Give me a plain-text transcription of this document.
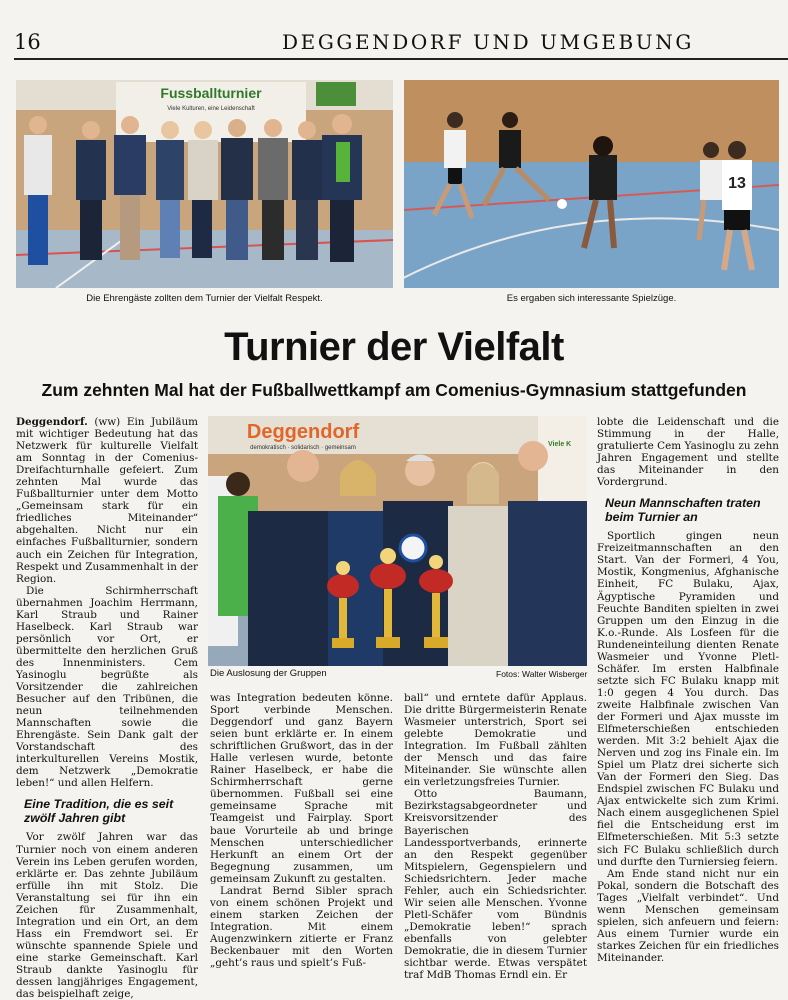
16	DEGGENDORF UND UMGEBUNG
Fussballturnier
Viele Kulturen, eine Leidenschaft
Die Ehrengäste zollten dem Turnier der Vielfalt Respekt.
13
Es ergaben sich interessante Spielzüge.
Turnier der Vielfalt
Zum zehnten Mal hat der Fußballwettkampf am Comenius-Gymnasium stattgefunden

Deggendorf. (ww) Ein Jubiläum mit wichtiger Bedeutung hat das Netzwerk für kulturelle Vielfalt am Sonntag in der Comenius-Dreifachturnhalle gefeiert. Zum zehnten Mal wurde das Fußballturnier unter dem Motto „Gemeinsam stark für ein friedliches Miteinander“ abgehalten. Nicht nur ein einfaches Fußballturnier, sondern auch ein Zeichen für Integration, Respekt und Zusammenhalt in der Region.

Die Schirmherrschaft übernahmen Joachim Herrmann, Karl Straub und Rainer Haselbeck. Karl Straub war persönlich vor Ort, er übermittelte den herzlichen Gruß des Innenministers. Cem Yasinoglu begrüßte als Vorsitzender die zahlreichen Besucher auf den Tribünen, die neun teilnehmenden Mannschaften sowie die Ehrengäste. Sein Dank galt der Vorstandschaft des interkulturellen Vereins Mostik, dem Netzwerk „Demokratie leben!“ und allen Helfern.

Eine Tradition, die es seit zwölf Jahren gibt

Vor zwölf Jahren war das Turnier noch von einem anderen Verein ins Leben gerufen worden, erklärte er. Das zehnte Jubiläum erfülle ihn mit Stolz. Die Veranstaltung sei für ihn ein Zeichen für Zusammenhalt, Integration und ein Ort, an dem Hass ein Fremdwort sei. Er wünschte spannende Spiele und eine starke Gemeinschaft. Karl Straub dankte Yasinoglu für dessen langjähriges Engagement, das beispielhaft zeige,

Deggendorf
demokratisch · solidarisch · gemeinsam	Viele K
Die Auslosung der Gruppen	Fotos: Walter Wisberger

was Integration bedeuten könne. Sport verbinde Menschen. Deggendorf und ganz Bayern seien bunt erklärte er. In einem schriftlichen Grußwort, das in der Halle verlesen wurde, betonte Rainer Haselbeck, er habe die Schirmherrschaft gerne übernommen. Fußball sei eine gemeinsame Sprache mit Teamgeist und Fairplay. Sport baue Vorurteile ab und bringe Menschen unterschiedlicher Herkunft an einem Ort der Begegnung zusammen, um gemeinsam Zukunft zu gestalten.

Landrat Bernd Sibler sprach von einem schönen Projekt und einem starken Zeichen der Integration. Mit einem Augenzwinkern zitierte er Franz Beckenbauer mit den Worten „geht’s raus und spielt’s Fuß-

ball“ und erntete dafür Applaus. Die dritte Bürgermeisterin Renate Wasmeier unterstrich, Sport sei gelebte Demokratie und Integration. Im Fußball zählten der Mensch und das faire Miteinander. Sie wünschte allen ein verletzungsfreies Turnier.

Otto Baumann, Bezirkstagsabgeordneter und Kreisvorsitzender des Bayerischen Landessportverbands, erinnerte an den Respekt gegenüber Mitspielern, Gegenspielern und Schiedsrichtern. Jeder mache Fehler, auch ein Schiedsrichter. Wir seien alle Menschen. Yvonne Pletl-Schäfer vom Bündnis „Demokratie leben!“ sprach ebenfalls von gelebter Demokratie, die in diesem Turnier sichtbar werde. Etwas verspätet traf MdB Thomas Erndl ein. Er

lobte die Leidenschaft und die Stimmung in der Halle, gratulierte Cem Yasinoglu zu zehn Jahren Engagement und stellte das Miteinander in den Vordergrund.

Neun Mannschaften traten beim Turnier an

Sportlich gingen neun Freizeitmannschaften an den Start. Van der Formeri, 4 You, Mostik, Kongmenius, Afghanische Einheit, FC Bulaku, Ajax, Ägyptische Pyramiden und Feuchte Banditen spielten in zwei Gruppen um den Einzug in die K.o.-Runde. Als Losfeen für die Rundeneinteilung dienten Renate Wasmeier und Yvonne Pletl-Schäfer. Im ersten Halbfinale setzte sich FC Bulaku knapp mit 1:0 gegen 4 You durch. Das zweite Halbfinale zwischen Van der Formeri und Ajax musste im Elfmeterschießen entschieden werden. Mit 3:2 behielt Ajax die Nerven und zog ins Finale ein. Im Spiel um Platz drei sicherte sich Van der Formeri den Sieg. Das Endspiel zwischen FC Bulaku und Ajax entwickelte sich zum Krimi. Nach einem ausgeglichenen Spiel fiel die Entscheidung erst im Elfmeterschießen. Mit 5:3 setzte sich FC Bulaku schließlich durch und durfte den Turniersieg feiern.

Am Ende stand nicht nur ein Pokal, sondern die Botschaft des Tages „Vielfalt verbindet“. Und wenn Menschen gemeinsam spielen, sich anfeuern und feiern: Aus einem Turnier wurde ein starkes Zeichen für ein friedliches Miteinander.
